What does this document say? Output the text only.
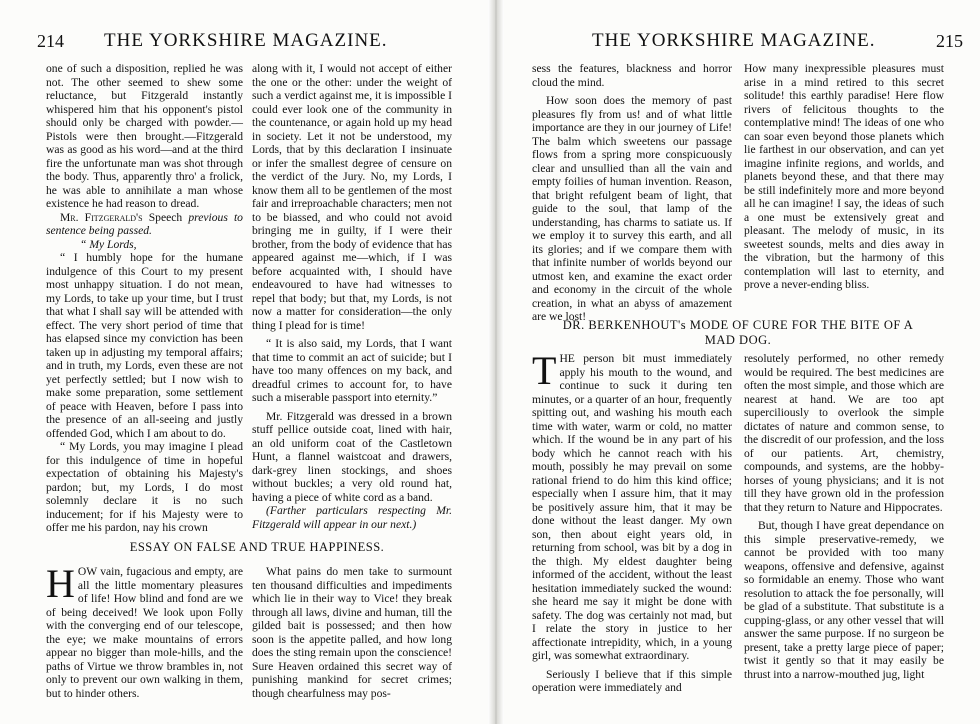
214 THE YORKSHIRE MAGAZINE.

one of such a disposition, replied he was not. The other seemed to shew some reluctance, but Fitzgerald instantly whispered him that his opponent's pistol should only be charged with powder.—Pistols were then brought.—Fitzgerald was as good as his word—and at the third fire the unfortunate man was shot through the body. Thus, apparently thro' a frolick, he was able to annihilate a man whose existence he had reason to dread.

Mr. Fitzgerald's Speech previous to sentence being passed.

“ My Lords,

“ I humbly hope for the humane indulgence of this Court to my present most unhappy situation. I do not mean, my Lords, to take up your time, but I trust that what I shall say will be attended with effect. The very short period of time that has elapsed since my conviction has been taken up in adjusting my temporal affairs; and in truth, my Lords, even these are not yet perfectly settled; but I now wish to make some preparation, some settlement of peace with Heaven, before I pass into the presence of an all-seeing and justly offended God, which I am about to do.

“ My Lords, you may imagine I plead for this indulgence of time in hopeful expectation of obtaining his Majesty's pardon; but, my Lords, I do most solemnly declare it is no such inducement; for if his Majesty were to offer me his pardon, nay his crown

along with it, I would not accept of either the one or the other: under the weight of such a verdict against me, it is impossible I could ever look one of the community in the countenance, or again hold up my head in society. Let it not be understood, my Lords, that by this declaration I insinuate or infer the smallest degree of censure on the verdict of the Jury. No, my Lords, I know them all to be gentlemen of the most fair and irreproachable characters; men not to be biassed, and who could not avoid bringing me in guilty, if I were their brother, from the body of evidence that has appeared against me—which, if I was before acquainted with, I should have endeavoured to have had witnesses to repel that body; but that, my Lords, is not now a matter for consideration—the only thing I plead for is time!

“ It is also said, my Lords, that I want that time to commit an act of suicide; but I have too many offences on my back, and dreadful crimes to account for, to have such a miserable passport into eternity.”

Mr. Fitzgerald was dressed in a brown stuff pellice outside coat, lined with hair, an old uniform coat of the Castletown Hunt, a flannel waistcoat and drawers, dark-grey linen stockings, and shoes without buckles; a very old round hat, having a piece of white cord as a band.

(Farther particulars respecting Mr. Fitzgerald will appear in our next.)

ESSAY ON FALSE AND TRUE HAPPINESS.

HOW vain, fugacious and empty, are all the little momentary pleasures of life! How blind and fond are we of being deceived! We look upon Folly with the converging end of our telescope, the eye; we make mountains of errors appear no bigger than mole-hills, and the paths of Virtue we throw brambles in, not only to prevent our own walking in them, but to hinder others.

What pains do men take to surmount ten thousand difficulties and impediments which lie in their way to Vice! they break through all laws, divine and human, till the gilded bait is possessed; and then how soon is the appetite palled, and how long does the sting remain upon the conscience! Sure Heaven ordained this secret way of punishing mankind for secret crimes; though chearfulness may pos-

THE YORKSHIRE MAGAZINE.	215

sess the features, blackness and horror cloud the mind.

How soon does the memory of past pleasures fly from us! and of what little importance are they in our journey of Life! The balm which sweetens our passage flows from a spring more conspicuously clear and unsullied than all the vain and empty foilies of human invention. Reason, that bright refulgent beam of light, that guide to the soul, that lamp of the understanding, has charms to satiate us. If we employ it to survey this earth, and all its glories; and if we compare them with that infinite number of worlds beyond our utmost ken, and examine the exact order and economy in the circuit of the whole creation, in what an abyss of amazement are we lost!

How many inexpressible pleasures must arise in a mind retired to this secret solitude! this earthly paradise! Here flow rivers of felicitous thoughts to the contemplative mind! The ideas of one who can soar even beyond those planets which lie farthest in our observation, and can yet imagine infinite regions, and worlds, and planets beyond these, and that there may be still indefinitely more and more beyond all he can imagine! I say, the ideas of such a one must be extensively great and pleasant. The melody of music, in its sweetest sounds, melts and dies away in the vibration, but the harmony of this contemplation will last to eternity, and prove a never-ending bliss.

DR. BERKENHOUT's MODE OF CURE FOR THE BITE OF A
MAD DOG.

THE person bit must immediately apply his mouth to the wound, and continue to suck it during ten minutes, or a quarter of an hour, frequently spitting out, and washing his mouth each time with water, warm or cold, no matter which. If the wound be in any part of his body which he cannot reach with his mouth, possibly he may prevail on some rational friend to do him this kind office; especially when I assure him, that it may be positively assure him, that it may be done without the least danger. My own son, then about eight years old, in returning from school, was bit by a dog in the thigh. My eldest daughter being informed of the accident, without the least hesitation immediately sucked the wound: she heard me say it might be done with safety. The dog was certainly not mad, but I relate the story in justice to her affectionate intrepidity, which, in a young girl, was somewhat extraordinary.

Seriously I believe that if this simple operation were immediately and

resolutely performed, no other remedy would be required. The best medicines are often the most simple, and those which are nearest at hand. We are too apt superciliously to overlook the simple dictates of nature and common sense, to the discredit of our profession, and the loss of our patients. Art, chemistry, compounds, and systems, are the hobby-horses of young physicians; and it is not till they have grown old in the profession that they return to Nature and Hippocrates.

But, though I have great dependance on this simple preservative-remedy, we cannot be provided with too many weapons, offensive and defensive, against so formidable an enemy. Those who want resolution to attack the foe personally, will be glad of a substitute. That substitute is a cupping-glass, or any other vessel that will answer the same purpose. If no surgeon be present, take a pretty large piece of paper; twist it gently so that it may easily be thrust into a narrow-mouthed jug, light
